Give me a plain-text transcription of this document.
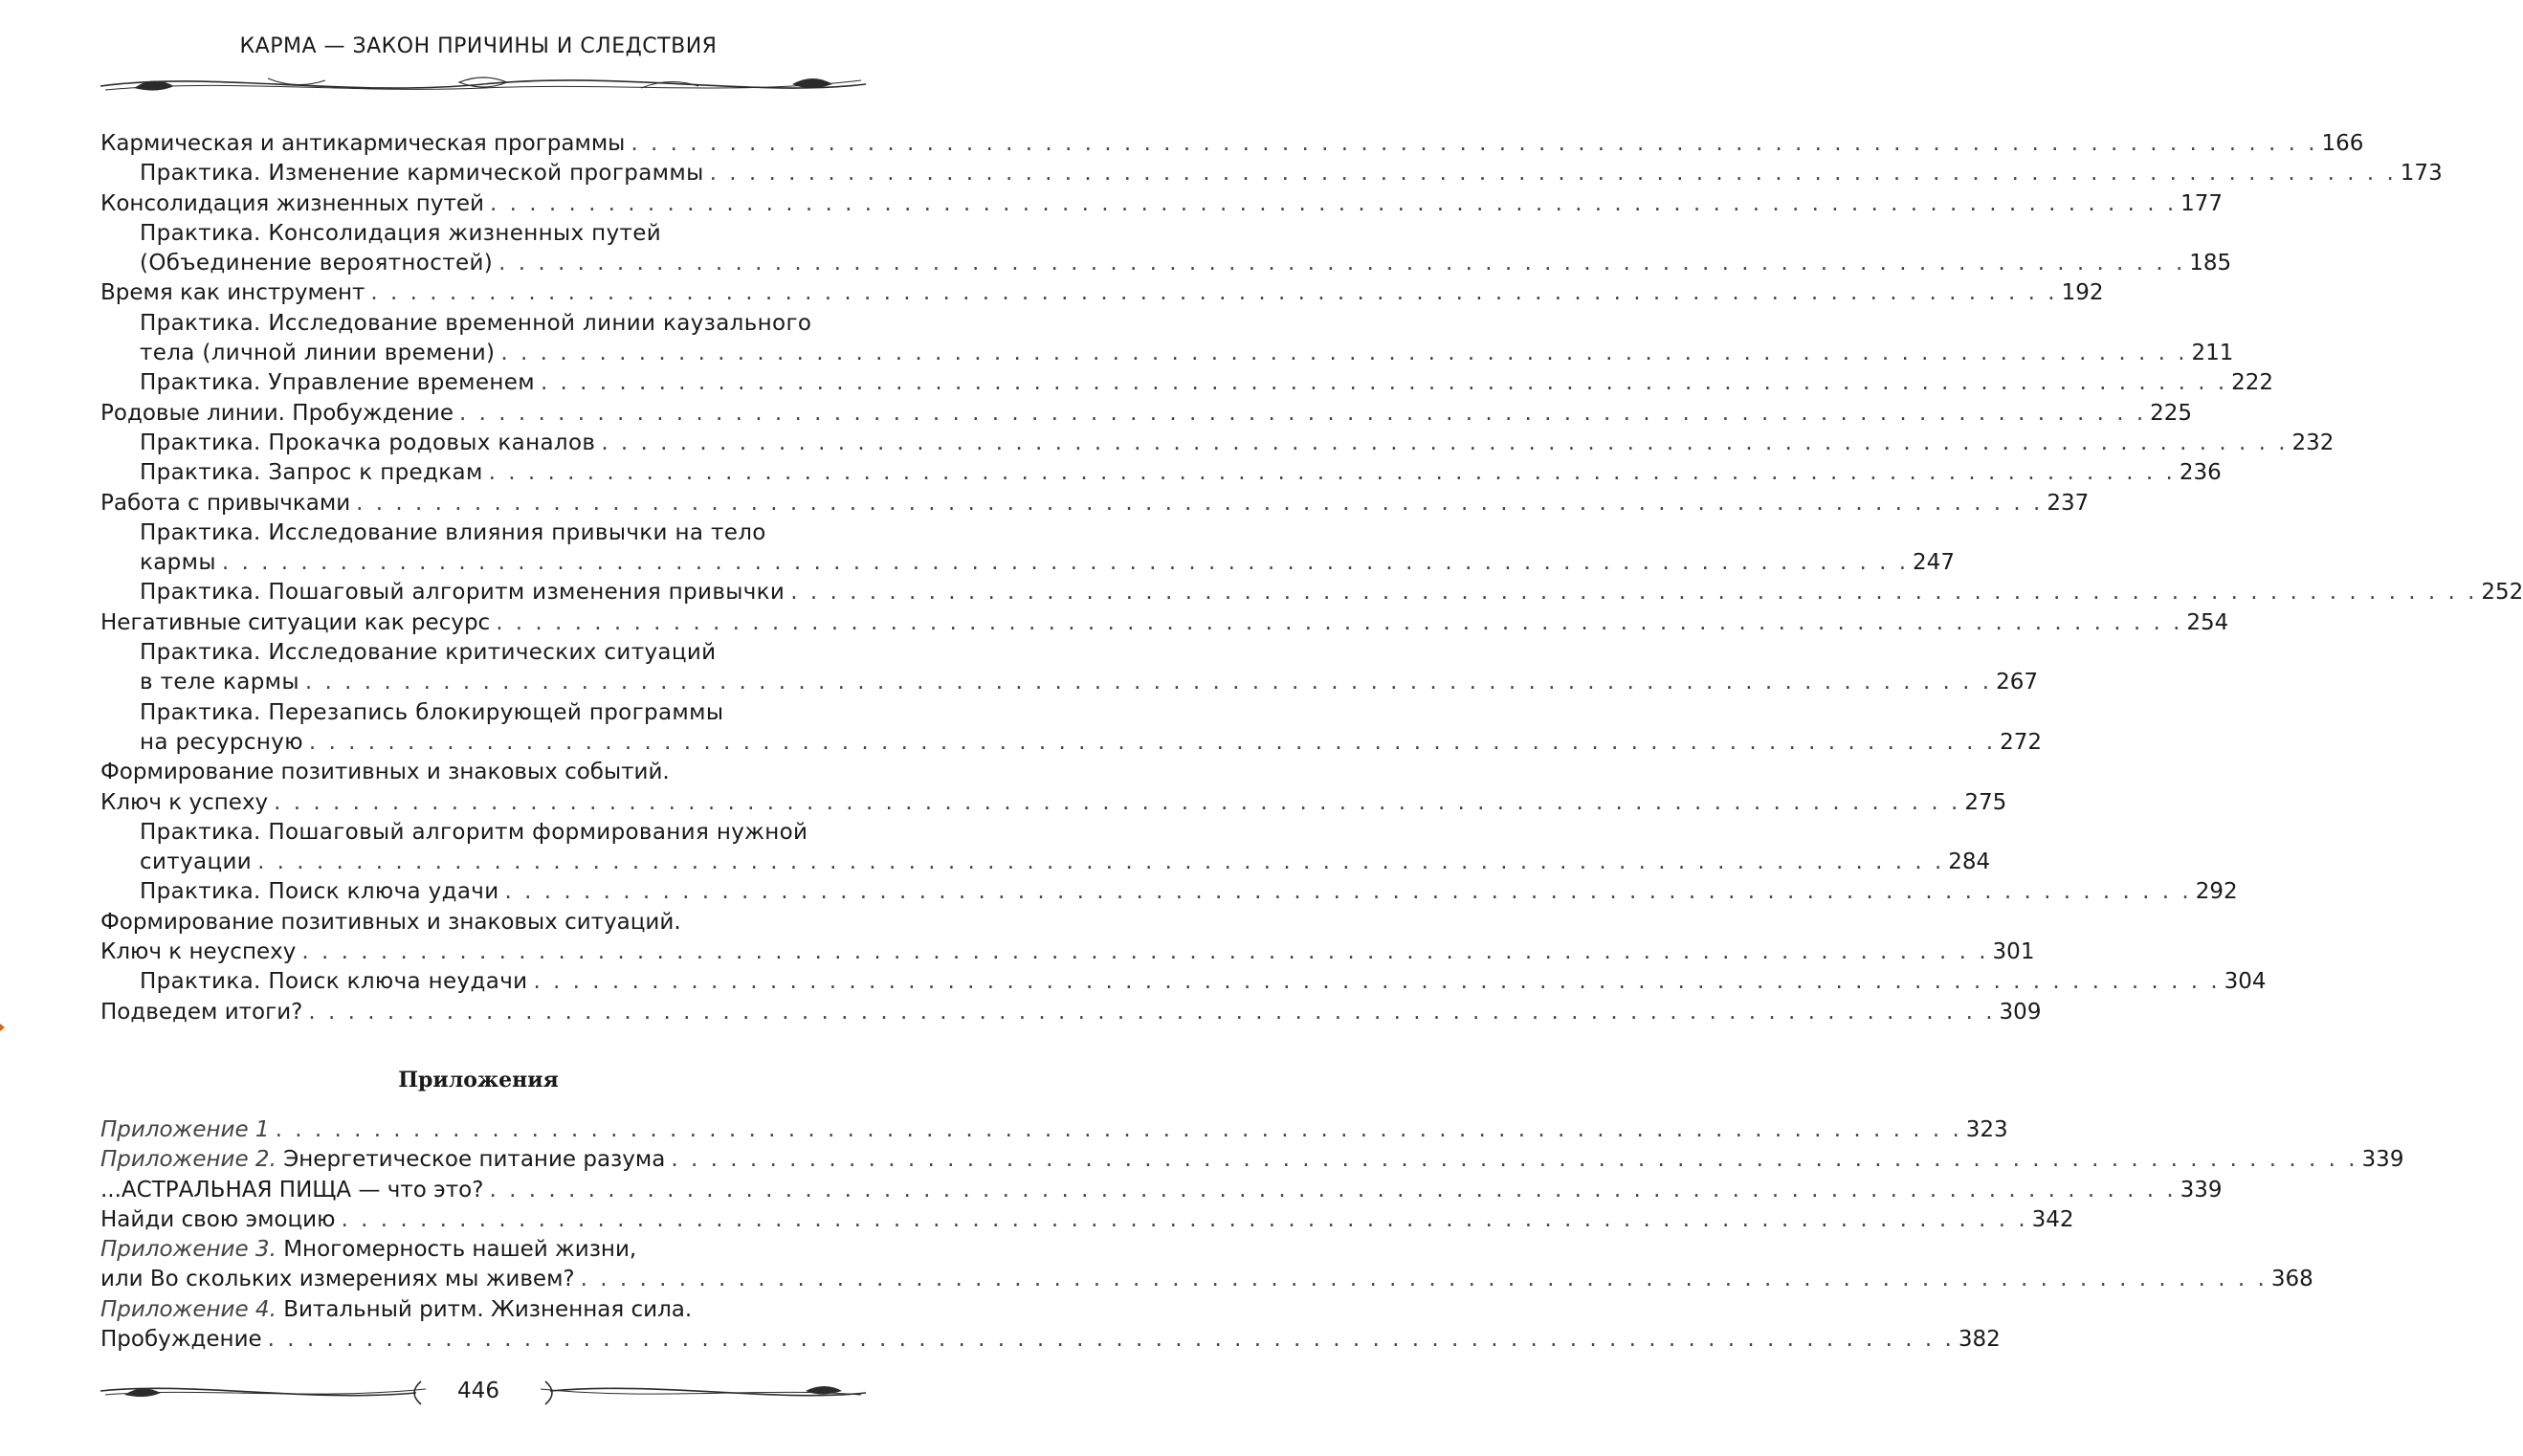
КАРМА — ЗАКОН ПРИЧИНЫ И СЛЕДСТВИЯ
Кармическая и антикармическая программы . . .	166
Практика. Изменение кармической программы . . .	173
Консолидация жизненных путей . . .	177
Практика. Консолидация жизненных путей
(Объединение вероятностей) . . .	185
Время как инструмент . . .	192
Практика. Исследование временной линии каузального
тела (личной линии времени) . . .	211
Практика. Управление временем . . .	222
Родовые линии. Пробуждение . . .	225
Практика. Прокачка родовых каналов . . .	232
Практика. Запрос к предкам . . .	236
Работа с привычками . . .	237
Практика. Исследование влияния привычки на тело
кармы . . .	247
Практика. Пошаговый алгоритм изменения привычки . . .	252
Негативные ситуации как ресурс . . .	254
Практика. Исследование критических ситуаций
в теле кармы . . .	267
Практика. Перезапись блокирующей программы
на ресурсную . . .	272
Формирование позитивных и знаковых событий.
Ключ к успеху . . .	275
Практика. Пошаговый алгоритм формирования нужной
ситуации . . .	284
Практика. Поиск ключа удачи . . .	292
Формирование позитивных и знаковых ситуаций.
Ключ к неуспеху . . .	301
Практика. Поиск ключа неудачи . . .	304
Подведем итоги? . . .	309
Приложения
Приложение 1 . . .	323
Приложение 2. Энергетическое питание разума . . .	339
...АСТРАЛЬНАЯ ПИЩА — что это? . . .	339
Найди свою эмоцию . . .	342
Приложение 3. Многомерность нашей жизни,
или Во скольких измерениях мы живем? . . .	368
Приложение 4. Витальный ритм. Жизненная сила.
Пробуждение . . .	382
446
